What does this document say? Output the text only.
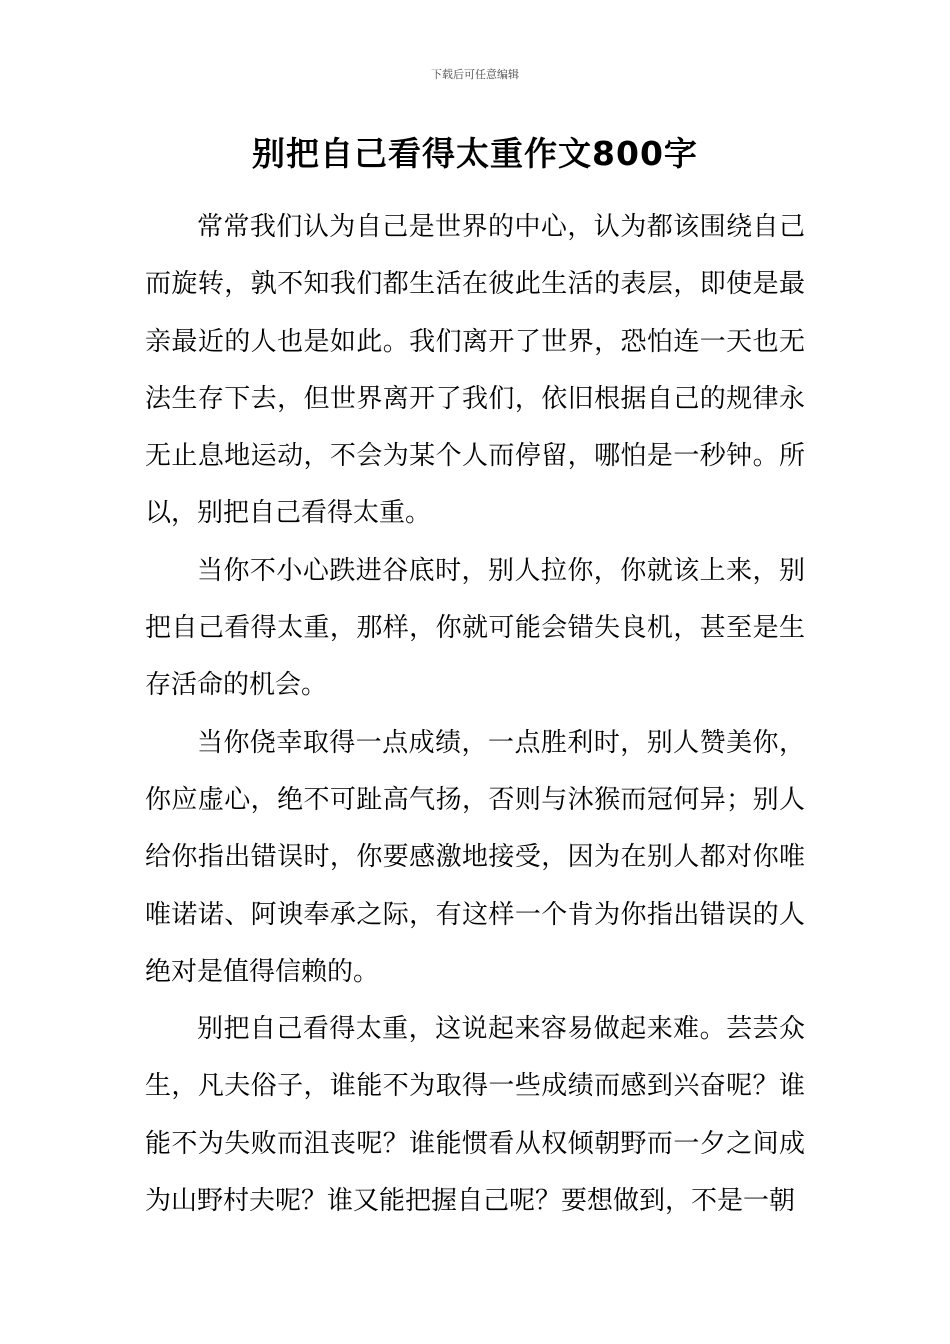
下载后可任意编辑
别把自己看得太重作文800字

常常我们认为自己是世界的中心，认为都该围绕自己而旋转，孰不知我们都生活在彼此生活的表层，即使是最亲最近的人也是如此。我们离开了世界，恐怕连一天也无法生存下去，但世界离开了我们，依旧根据自己的规律永无止息地运动，不会为某个人而停留，哪怕是一秒钟。所以，别把自己看得太重。

当你不小心跌进谷底时，别人拉你，你就该上来，别把自己看得太重，那样，你就可能会错失良机，甚至是生存活命的机会。

当你侥幸取得一点成绩，一点胜利时，别人赞美你，你应虚心，绝不可趾高气扬，否则与沐猴而冠何异；别人给你指出错误时，你要感激地接受，因为在别人都对你唯唯诺诺、阿谀奉承之际，有这样一个肯为你指出错误的人绝对是值得信赖的。

别把自己看得太重，这说起来容易做起来难。芸芸众生，凡夫俗子，谁能不为取得一些成绩而感到兴奋呢？谁能不为失败而沮丧呢？谁能惯看从权倾朝野而一夕之间成为山野村夫呢？谁又能把握自己呢？要想做到，不是一朝
